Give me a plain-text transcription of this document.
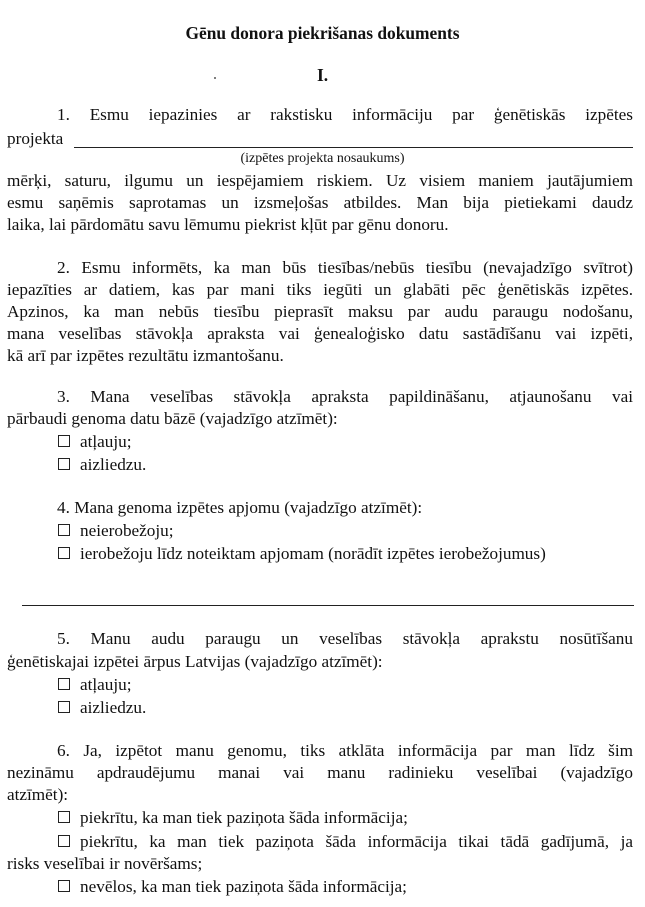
Gēnu donora piekrišanas dokuments
I.
1. Esmu iepazinies ar rakstisku informāciju par ģenētiskās izpētes
projekta
(izpētes projekta nosaukums)
mērķi, saturu, ilgumu un iespējamiem riskiem. Uz visiem maniem jautājumiem
esmu saņēmis saprotamas un izsmeļošas atbildes. Man bija pietiekami daudz
laika, lai pārdomātu savu lēmumu piekrist kļūt par gēnu donoru.
2. Esmu informēts, ka man būs tiesības/nebūs tiesību (nevajadzīgo svītrot)
iepazīties ar datiem, kas par mani tiks iegūti un glabāti pēc ģenētiskās izpētes.
Apzinos, ka man nebūs tiesību pieprasīt maksu par audu paraugu nodošanu,
mana veselības stāvokļa apraksta vai ģenealoģisko datu sastādīšanu vai izpēti,
kā arī par izpētes rezultātu izmantošanu.
3. Mana veselības stāvokļa apraksta papildināšanu, atjaunošanu vai
pārbaudi genoma datu bāzē (vajadzīgo atzīmēt):
atļauju;
aizliedzu.
4. Mana genoma izpētes apjomu (vajadzīgo atzīmēt):
neierobežoju;
ierobežoju līdz noteiktam apjomam (norādīt izpētes ierobežojumus)
5. Manu audu paraugu un veselības stāvokļa aprakstu nosūtīšanu
ģenētiskajai izpētei ārpus Latvijas (vajadzīgo atzīmēt):
atļauju;
aizliedzu.
6. Ja, izpētot manu genomu, tiks atklāta informācija par man līdz šim
nezināmu apdraudējumu manai vai manu radinieku veselībai (vajadzīgo
atzīmēt):
piekrītu, ka man tiek paziņota šāda informācija;
piekrītu, ka man tiek paziņota šāda informācija tikai tādā gadījumā, ja
risks veselībai ir novēršams;
nevēlos, ka man tiek paziņota šāda informācija;
